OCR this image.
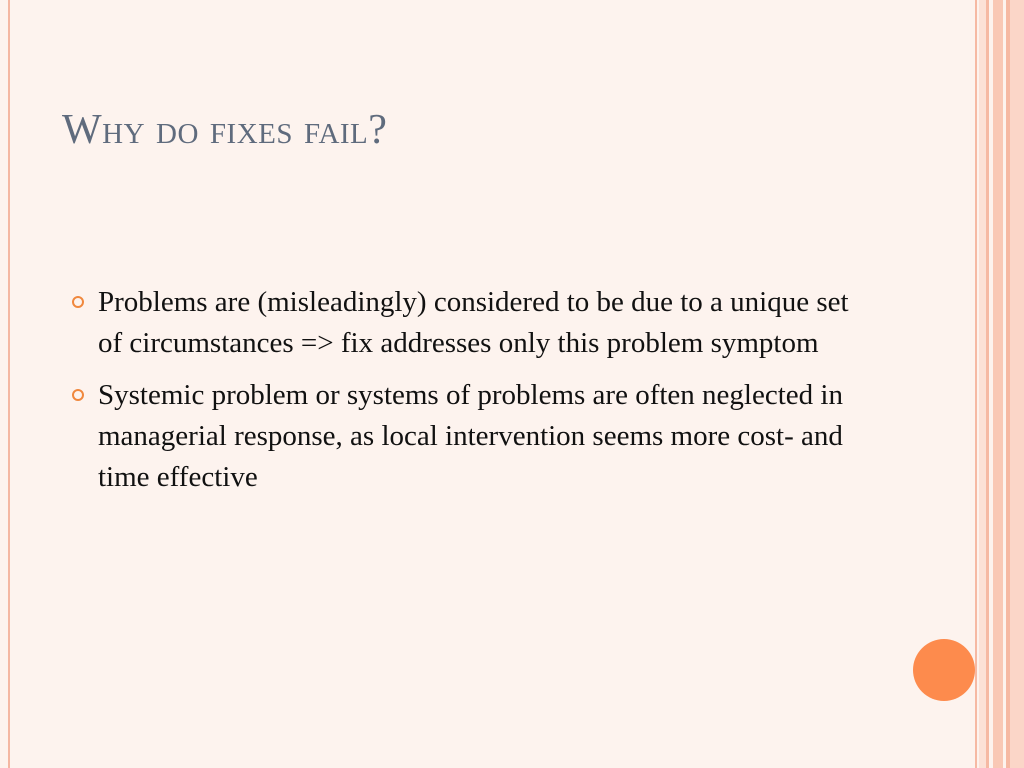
Why do fixes fail?
Problems are (misleadingly) considered to be due to a unique set of circumstances => fix addresses only this problem symptom
Systemic problem or systems of problems are often neglected in managerial response, as local intervention seems more cost- and time effective
